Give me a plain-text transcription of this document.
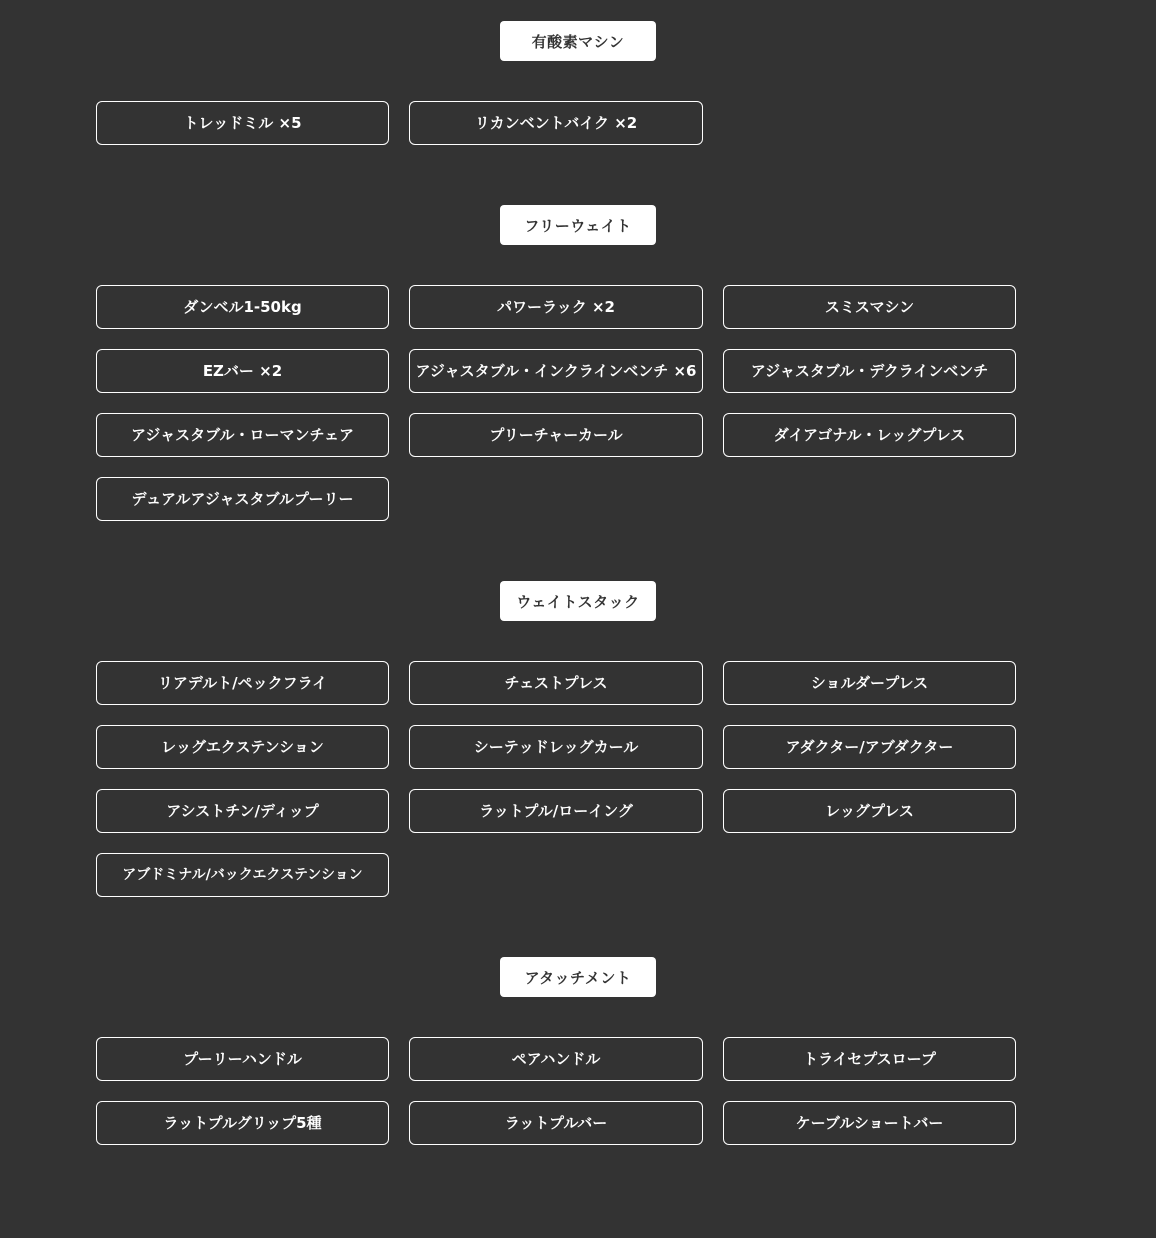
有酸素マシン
トレッドミル ×5	リカンベントバイク ×2
フリーウェイト
ダンベル1-50kg	パワーラック ×2	スミスマシン
EZバー ×2	アジャスタブル・インクラインベンチ ×6	アジャスタブル・デクラインベンチ
アジャスタブル・ローマンチェア	プリーチャーカール	ダイアゴナル・レッグプレス
デュアルアジャスタブルプーリー
ウェイトスタック
リアデルト/ペックフライ	チェストプレス	ショルダープレス
レッグエクステンション	シーテッドレッグカール	アダクター/アブダクター
アシストチン/ディップ	ラットプル/ローイング	レッグプレス
アブドミナル/バックエクステンション
アタッチメント
プーリーハンドル	ペアハンドル	トライセプスロープ
ラットプルグリップ5種	ラットプルバー	ケーブルショートバー
